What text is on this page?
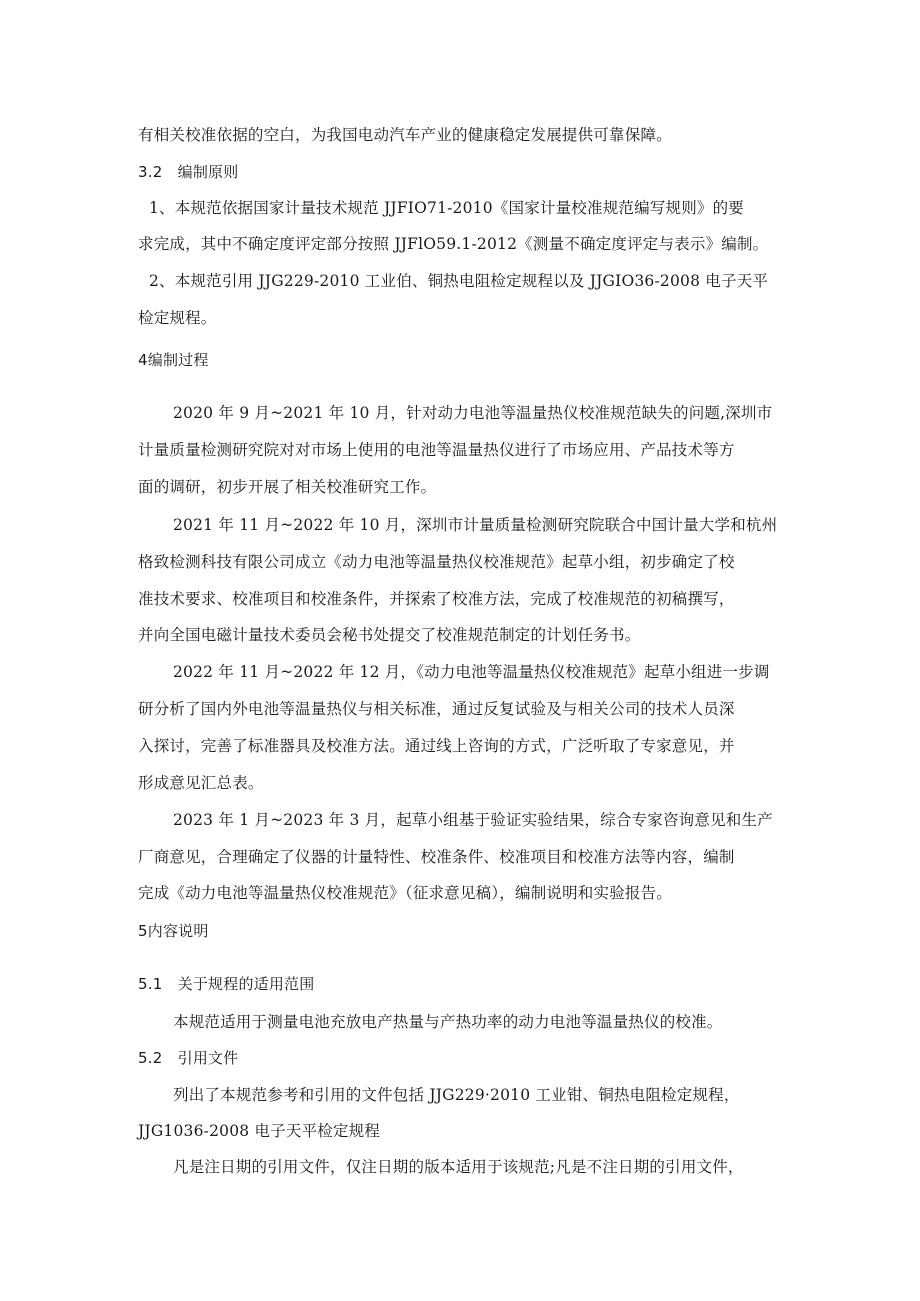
有相关校准依据的空白，为我国电动汽车产业的健康稳定发展提供可靠保障。
3.2　编制原则
1、本规范依据国家计量技术规范 JJFIO71-2010《国家计量校准规范编写规则》的要
求完成，其中不确定度评定部分按照 JJFlO59.1-2012《测量不确定度评定与表示》编制。
2、本规范引用 JJG229-2010 工业伯、铜热电阻检定规程以及 JJGIO36-2008 电子天平
检定规程。
4编制过程
2020 年 9 月~2021 年 10 月，针对动力电池等温量热仪校准规范缺失的问题,深圳市
计量质量检测研究院对对市场上使用的电池等温量热仪进行了市场应用、产品技术等方
面的调研，初步开展了相关校准研究工作。
2021 年 11 月~2022 年 10 月，深圳市计量质量检测研究院联合中国计量大学和杭州
格致检测科技有限公司成立《动力电池等温量热仪校准规范》起草小组，初步确定了校
准技术要求、校准项目和校准条件，并探索了校准方法，完成了校准规范的初稿撰写，
并向全国电磁计量技术委员会秘书处提交了校准规范制定的计划任务书。
2022 年 11 月~2022 年 12 月，《动力电池等温量热仪校准规范》起草小组进一步调
研分析了国内外电池等温量热仪与相关标准，通过反复试验及与相关公司的技术人员深
入探讨，完善了标准器具及校准方法。通过线上咨询的方式，广泛听取了专家意见，并
形成意见汇总表。
2023 年 1 月~2023 年 3 月，起草小组基于验证实验结果，综合专家咨询意见和生产
厂商意见，合理确定了仪器的计量特性、校准条件、校准项目和校准方法等内容，编制
完成《动力电池等温量热仪校准规范》（征求意见稿），编制说明和实验报告。
5内容说明
5.1　关于规程的适用范围
本规范适用于测量电池充放电产热量与产热功率的动力电池等温量热仪的校准。
5.2　引用文件
列出了本规范参考和引用的文件包括 JJG229·2010 工业钳、铜热电阻检定规程，
JJG1036-2008 电子天平检定规程
凡是注日期的引用文件，仅注日期的版本适用于该规范;凡是不注日期的引用文件，
